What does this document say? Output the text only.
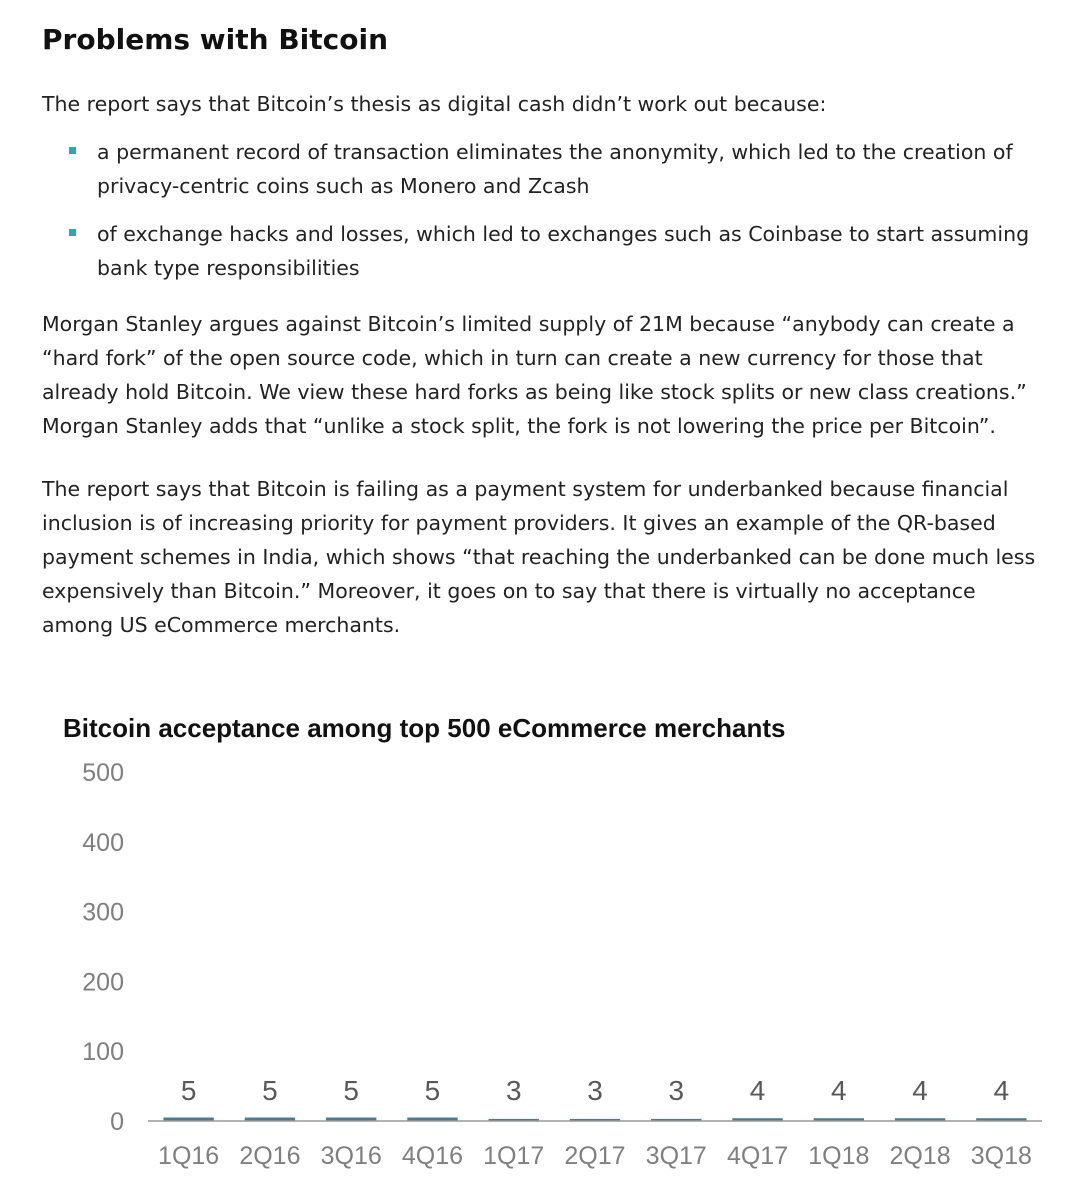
Problems with Bitcoin

The report says that Bitcoin’s thesis as digital cash didn’t work out because:

a permanent record of transaction eliminates the anonymity, which led to the creation of privacy-centric coins such as Monero and Zcash
of exchange hacks and losses, which led to exchanges such as Coinbase to start assuming bank type responsibilities

Morgan Stanley argues against Bitcoin’s limited supply of 21M because “anybody can create a “hard fork” of the open source code, which in turn can create a new currency for those that already hold Bitcoin. We view these hard forks as being like stock splits or new class creations.” Morgan Stanley adds that “unlike a stock split, the fork is not lowering the price per Bitcoin”.

The report says that Bitcoin is failing as a payment system for underbanked because financial inclusion is of increasing priority for payment providers. It gives an example of the QR-based payment schemes in India, which shows “that reaching the underbanked can be done much less expensively than Bitcoin.” Moreover, it goes on to say that there is virtually no acceptance among US eCommerce merchants.

Bitcoin acceptance among top 500 eCommerce merchants
0
100
200
300
400
500
5
1Q16
5
2Q16
5
3Q16
5
4Q16
3
1Q17
3
2Q17
3
3Q17
4
4Q17
4
1Q18
4
2Q18
4
3Q18
